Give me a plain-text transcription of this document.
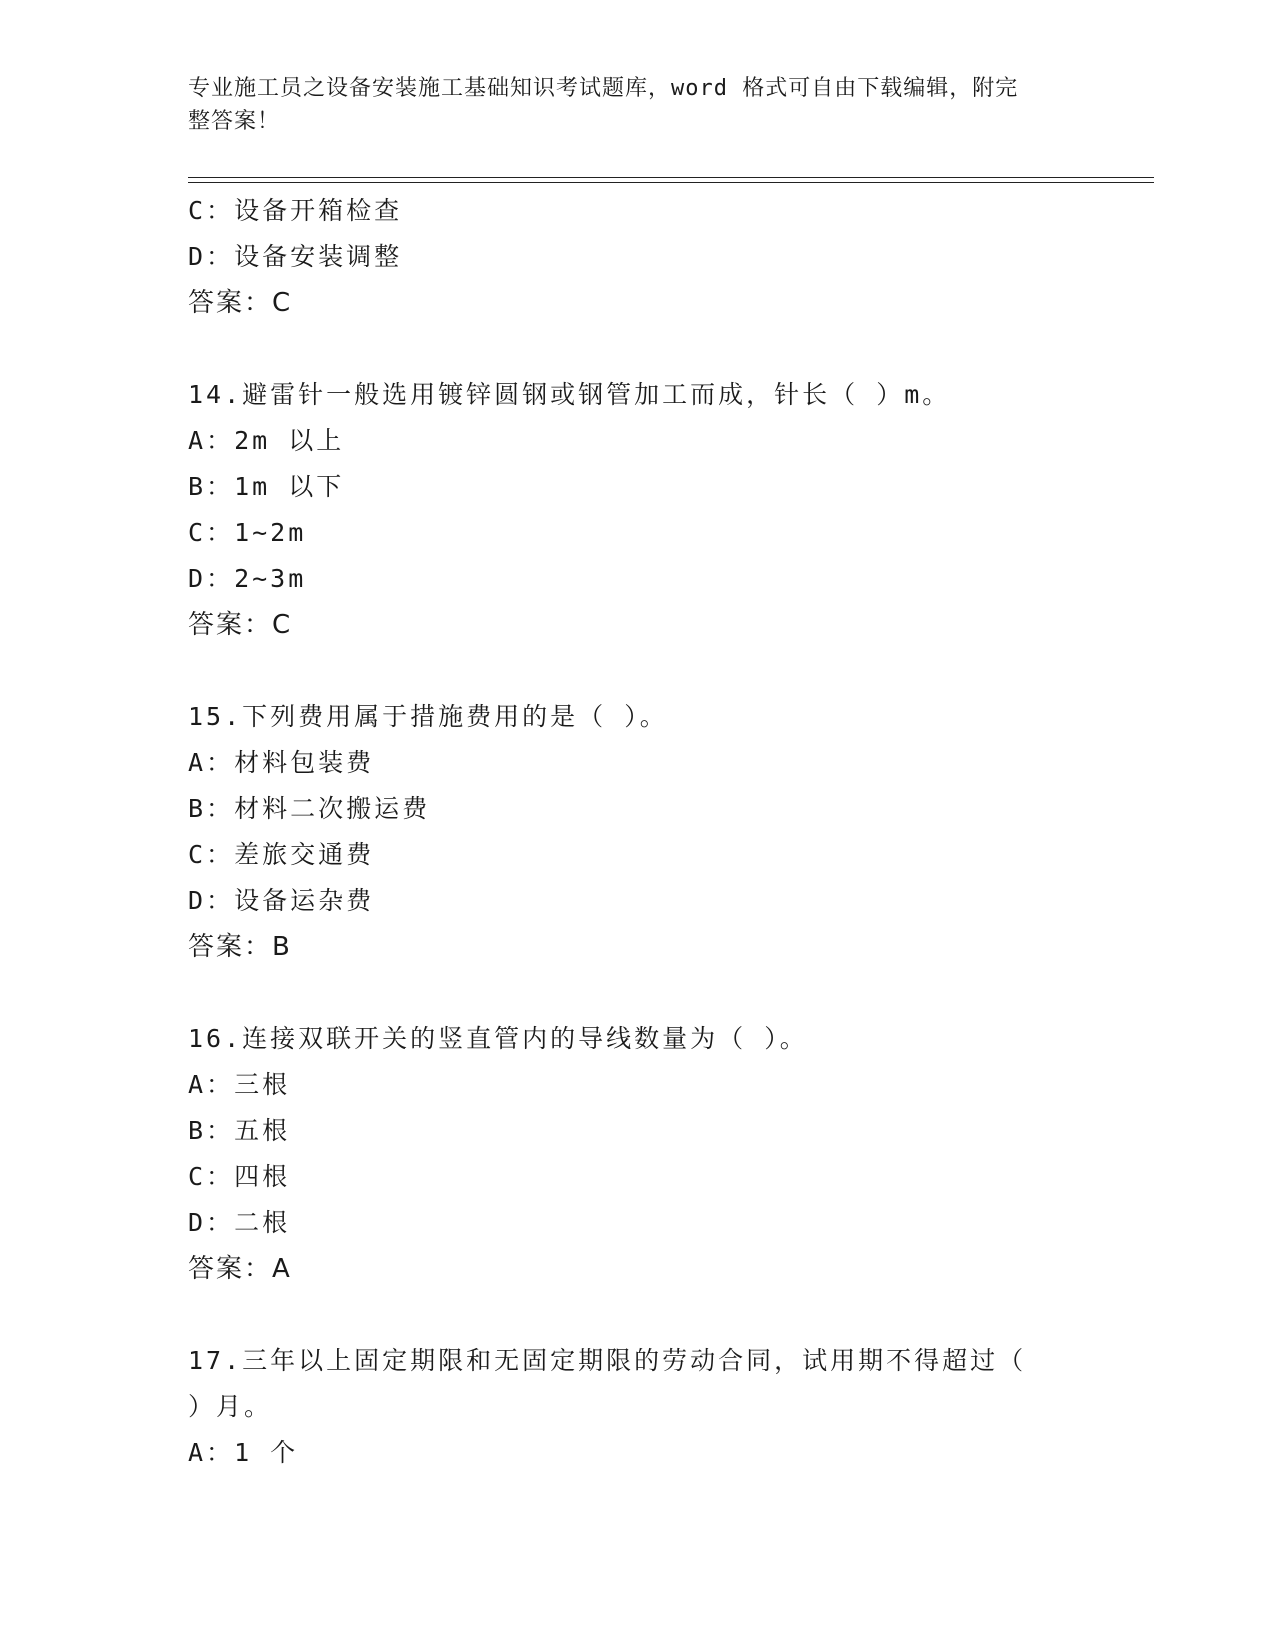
专业施工员之设备安装施工基础知识考试题库，word 格式可自由下载编辑，附完
整答案！
C：设备开箱检查
D：设备安装调整
答案：C
14.避雷针一般选用镀锌圆钢或钢管加工而成，针长（ ）m。
A：2m 以上
B：1m 以下
C：1~2m
D：2~3m
答案：C
15.下列费用属于措施费用的是（ ）。
A：材料包装费
B：材料二次搬运费
C：差旅交通费
D：设备运杂费
答案：B
16.连接双联开关的竖直管内的导线数量为（ ）。
A：三根
B：五根
C：四根
D：二根
答案：A
17.三年以上固定期限和无固定期限的劳动合同，试用期不得超过（
）月。
A：1 个
